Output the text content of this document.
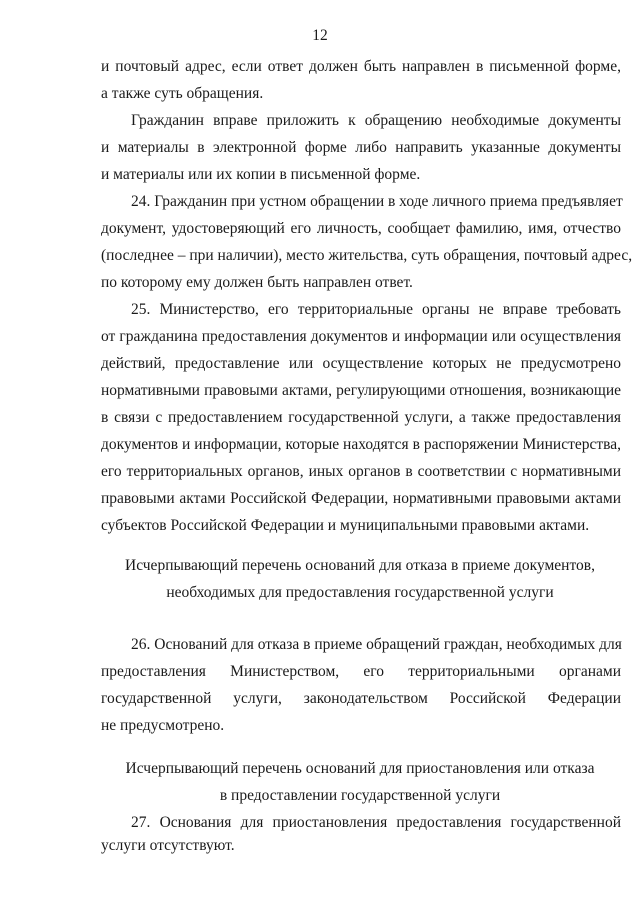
12
и почтовый адрес, если ответ должен быть направлен в письменной форме,
а также суть обращения.
Гражданин вправе приложить к обращению необходимые документы
и материалы в электронной форме либо направить указанные документы
и материалы или их копии в письменной форме.
24. Гражданин при устном обращении в ходе личного приема предъявляет
документ, удостоверяющий его личность, сообщает фамилию, имя, отчество
(последнее – при наличии), место жительства, суть обращения, почтовый адрес,
по которому ему должен быть направлен ответ.
25. Министерство, его территориальные органы не вправе требовать
от гражданина предоставления документов и информации или осуществления
действий, предоставление или осуществление которых не предусмотрено
нормативными правовыми актами, регулирующими отношения, возникающие
в связи с предоставлением государственной услуги, а также предоставления
документов и информации, которые находятся в распоряжении Министерства,
его территориальных органов, иных органов в соответствии с нормативными
правовыми актами Российской Федерации, нормативными правовыми актами
субъектов Российской Федерации и муниципальными правовыми актами.
Исчерпывающий перечень оснований для отказа в приеме документов,
необходимых для предоставления государственной услуги
26. Оснований для отказа в приеме обращений граждан, необходимых для
предоставления Министерством, его территориальными органами
государственной услуги, законодательством Российской Федерации
не предусмотрено.
Исчерпывающий перечень оснований для приостановления или отказа
в предоставлении государственной услуги
27. Основания для приостановления предоставления государственной
услуги отсутствуют.
